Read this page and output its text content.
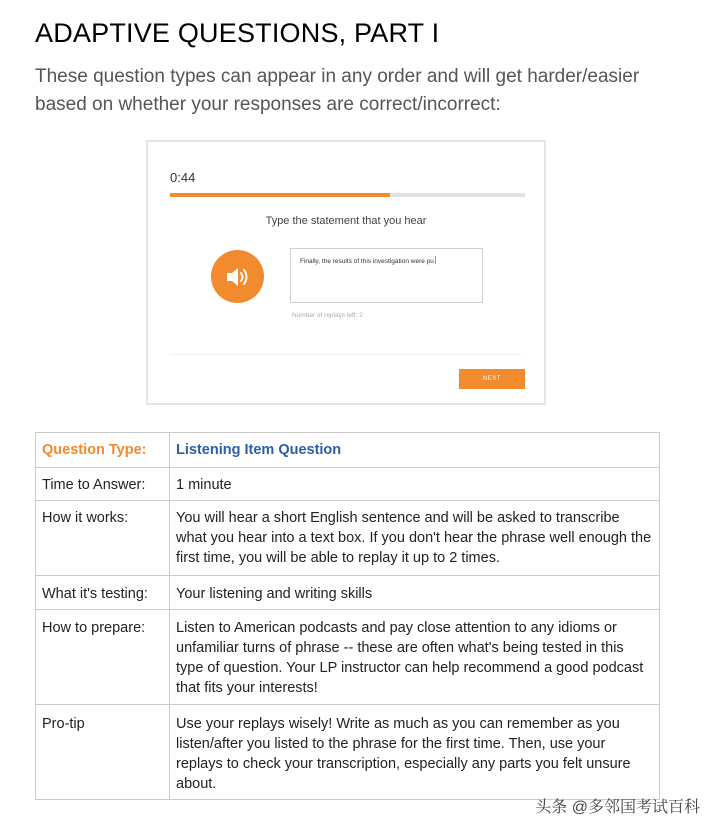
ADAPTIVE QUESTIONS, PART I

These question types can appear in any order and will get harder/easier based on whether your responses are correct/incorrect:

0:44
Type the statement that you hear
Finally, the results of this investigation were pu
Number of replays left: 2
NEXT
Question Type:	Listening Item Question
Time to Answer:	1 minute
How it works:	You will hear a short English sentence and will be asked to transcribe what you hear into a text box. If you don't hear the phrase well enough the first time, you will be able to replay it up to 2 times.
What it's testing:	Your listening and writing skills
How to prepare:	Listen to American podcasts and pay close attention to any idioms or unfamiliar turns of phrase -- these are often what's being tested in this type of question. Your LP instructor can help recommend a good podcast that fits your interests!
Pro-tip	Use your replays wisely! Write as much as you can remember as you listen/after you listed to the phrase for the first time. Then, use your replays to check your transcription, especially any parts you felt unsure about.
头条 @多邻国考试百科
